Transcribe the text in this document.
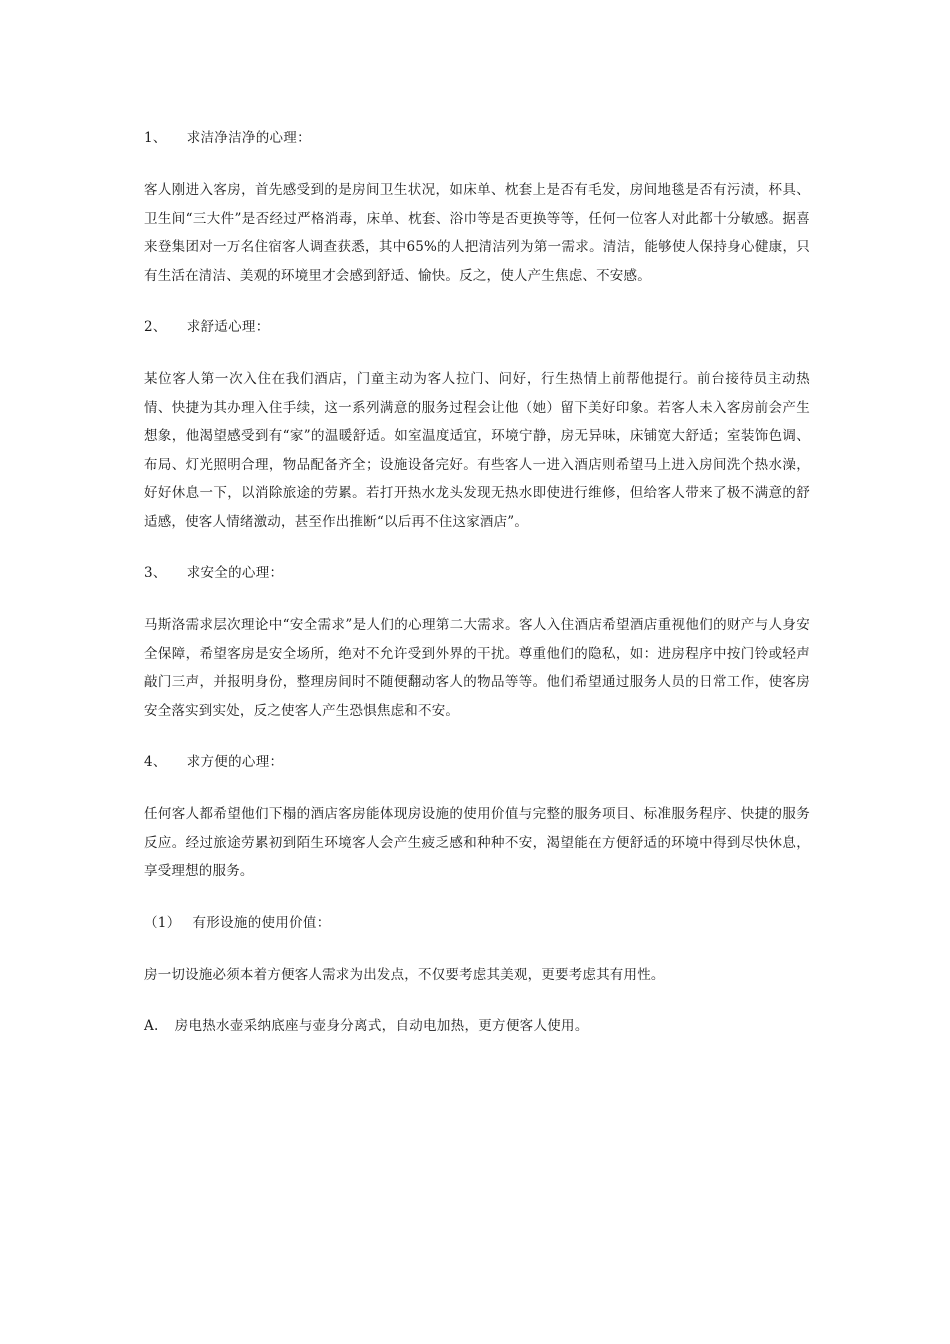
1、 求洁净洁净的心理：

客人刚进入客房，首先感受到的是房间卫生状况，如床单、枕套上是否有毛发，房间地毯是否有污渍，杯具、卫生间“三大件”是否经过严格消毒，床单、枕套、浴巾等是否更换等等，任何一位客人对此都十分敏感。据喜来登集团对一万名住宿客人调查获悉，其中65%的人把清洁列为第一需求。清洁，能够使人保持身心健康，只有生活在清洁、美观的环境里才会感到舒适、愉快。反之，使人产生焦虑、不安感。

2、 求舒适心理：

某位客人第一次入住在我们酒店，门童主动为客人拉门、问好，行生热情上前帮他提行。前台接待员主动热情、快捷为其办理入住手续，这一系列满意的服务过程会让他（她）留下美好印象。若客人未入客房前会产生想象，他渴望感受到有“家”的温暖舒适。如室温度适宜，环境宁静，房无异味，床铺宽大舒适；室装饰色调、布局、灯光照明合理，物品配备齐全；设施设备完好。有些客人一进入酒店则希望马上进入房间洗个热水澡，好好休息一下，以消除旅途的劳累。若打开热水龙头发现无热水即使进行维修，但给客人带来了极不满意的舒适感，使客人情绪激动，甚至作出推断“以后再不住这家酒店”。

3、 求安全的心理：

马斯洛需求层次理论中“安全需求”是人们的心理第二大需求。客人入住酒店希望酒店重视他们的财产与人身安全保障，希望客房是安全场所，绝对不允许受到外界的干扰。尊重他们的隐私，如：进房程序中按门铃或轻声敲门三声，并报明身份，整理房间时不随便翻动客人的物品等等。他们希望通过服务人员的日常工作，使客房安全落实到实处，反之使客人产生恐惧焦虑和不安。

4、 求方便的心理：

任何客人都希望他们下榻的酒店客房能体现房设施的使用价值与完整的服务项目、标准服务程序、快捷的服务反应。经过旅途劳累初到陌生环境客人会产生疲乏感和种种不安，渴望能在方便舒适的环境中得到尽快休息，享受理想的服务。

（1） 有形设施的使用价值：

房一切设施必须本着方便客人需求为出发点，不仅要考虑其美观，更要考虑其有用性。

A. 房电热水壶采纳底座与壶身分离式，自动电加热，更方便客人使用。
